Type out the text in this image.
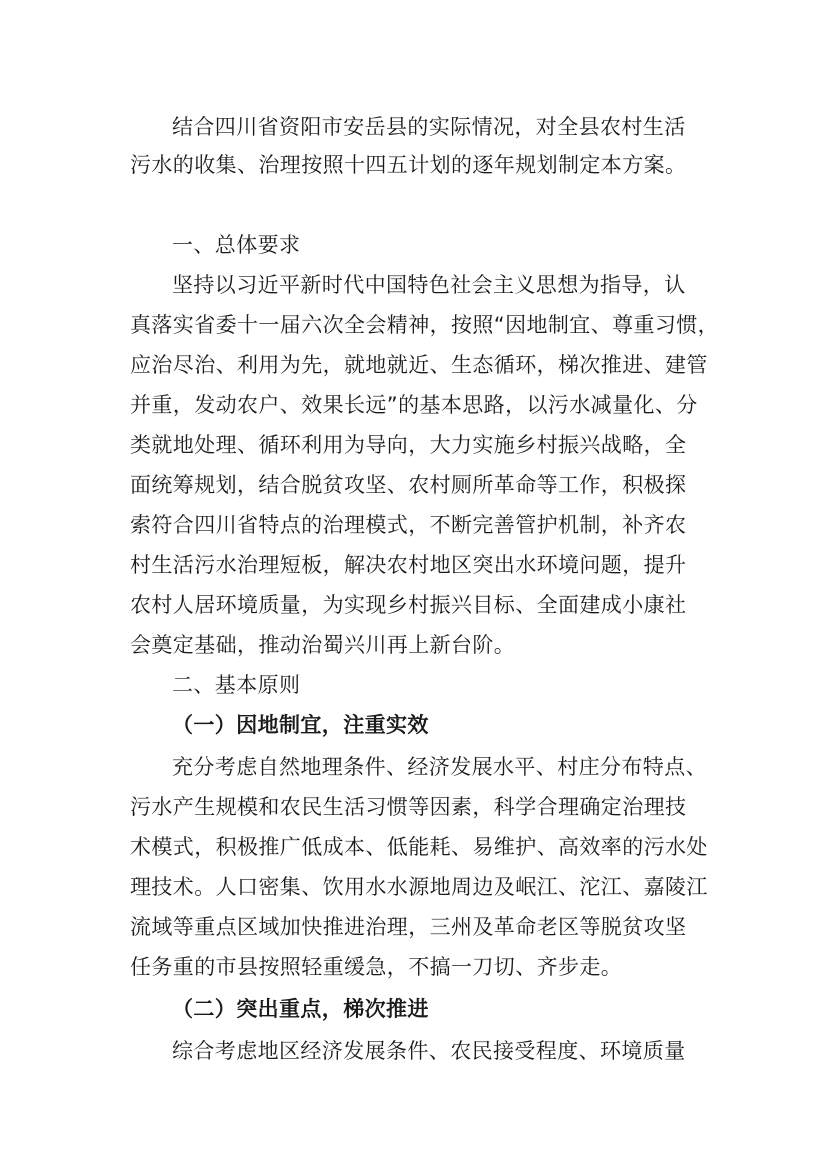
结合四川省资阳市安岳县的实际情况，对全县农村生活
污水的收集、治理按照十四五计划的逐年规划制定本方案。
一、总体要求
坚持以习近平新时代中国特色社会主义思想为指导，认
真落实省委十一届六次全会精神，按照“因地制宜、尊重习惯，
应治尽治、利用为先，就地就近、生态循环，梯次推进、建管
并重，发动农户、效果长远”的基本思路，以污水减量化、分
类就地处理、循环利用为导向，大力实施乡村振兴战略，全
面统筹规划，结合脱贫攻坚、农村厕所革命等工作，积极探
索符合四川省特点的治理模式，不断完善管护机制，补齐农
村生活污水治理短板，解决农村地区突出水环境问题，提升
农村人居环境质量，为实现乡村振兴目标、全面建成小康社
会奠定基础，推动治蜀兴川再上新台阶。
二、基本原则
（一）因地制宜，注重实效
充分考虑自然地理条件、经济发展水平、村庄分布特点、
污水产生规模和农民生活习惯等因素，科学合理确定治理技
术模式，积极推广低成本、低能耗、易维护、高效率的污水处
理技术。人口密集、饮用水水源地周边及岷江、沱江、嘉陵江
流域等重点区域加快推进治理，三州及革命老区等脱贫攻坚
任务重的市县按照轻重缓急，不搞一刀切、齐步走。
（二）突出重点，梯次推进
综合考虑地区经济发展条件、农民接受程度、环境质量
